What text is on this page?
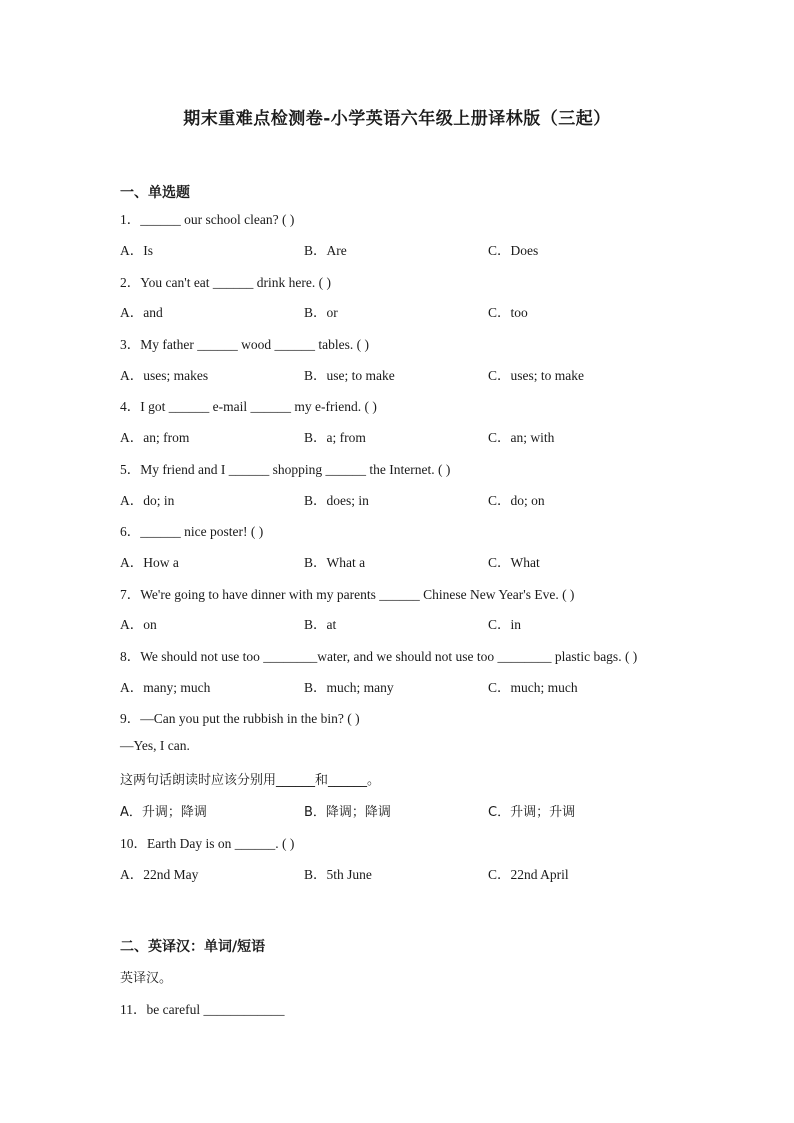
期末重难点检测卷-小学英语六年级上册译林版（三起）
一、单选题
1．______ our school clean? ( )
A．Is	B．Are	C．Does
2．You can't eat ______ drink here. ( )
A．and	B．or	C．too
3．My father ______ wood ______ tables. ( )
A．uses; makes	B．use; to make	C．uses; to make
4．I got ______ e-mail ______ my e-friend. ( )
A．an; from	B．a; from	C．an; with
5．My friend and I ______ shopping ______ the Internet. ( )
A．do; in	B．does; in	C．do; on
6．______ nice poster! ( )
A．How a	B．What a	C．What
7．We're going to have dinner with my parents ______ Chinese New Year's Eve. ( )
A．on	B．at	C．in
8．We should not use too ________water, and we should not use too ________ plastic bags. ( )
A．many; much	B．much; many	C．much; much
9．—Can you put the rubbish in the bin? ( )
—Yes, I can.
这两句话朗读时应该分别用______和______。
A．升调；降调	B．降调；降调	C．升调；升调
10．Earth Day is on ______. ( )
A．22nd May	B．5th June	C．22nd April
二、英译汉：单词/短语
英译汉。
11．be careful ____________
